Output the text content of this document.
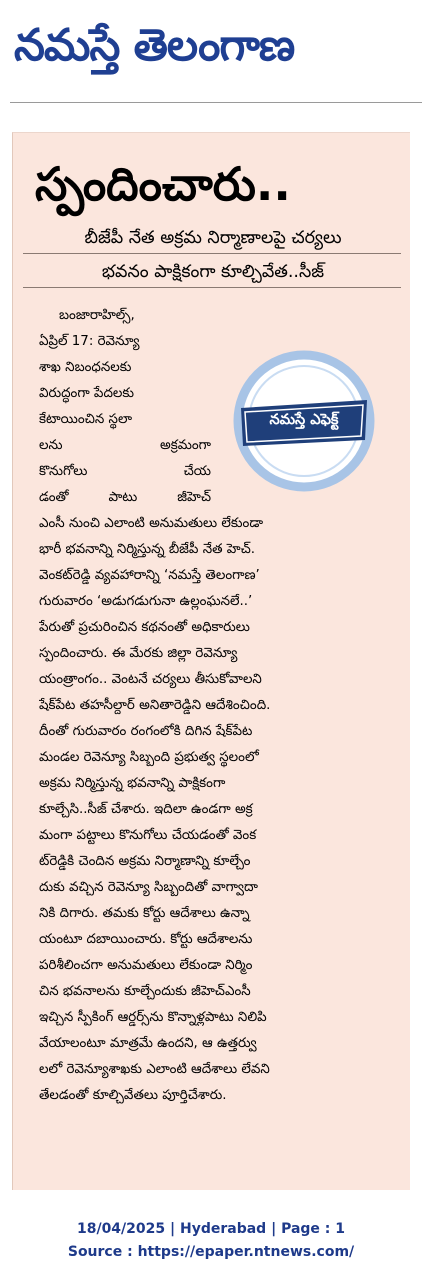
నమస్తే తెలంగాణ
స్పందించారు..
బీజేపీ నేత అక్రమ నిర్మాణాలపై చర్యలు
భవనం పాక్షికంగా కూల్చివేత..సీజ్
బంజారాహిల్స్,
ఏప్రిల్ 17: రెవెన్యూ
శాఖ నిబంధనలకు
విరుద్ధంగా పేదలకు
కేటాయించిన స్థలా
లను అక్రమంగా
కొనుగోలు చేయ
డంతో పాటు జీహెచ్
ఎంసీ నుంచి ఎలాంటి అనుమతులు లేకుండా
భారీ భవనాన్ని నిర్మిస్తున్న బీజేపీ నేత హెచ్.
వెంకట్‌రెడ్డి వ్యవహారాన్ని ‘నమస్తే తెలంగాణ’
గురువారం ‘అడుగడుగునా ఉల్లంఘనలే..’
పేరుతో ప్రచురించిన కథనంతో అధికారులు
స్పందించారు. ఈ మేరకు జిల్లా రెవెన్యూ
యంత్రాంగం.. వెంటనే చర్యలు తీసుకోవాలని
షేక్‌పేట తహసీల్దార్ అనితారెడ్డిని ఆదేశించింది.
దీంతో గురువారం రంగంలోకి దిగిన షేక్‌పేట
మండల రెవెన్యూ సిబ్బంది ప్రభుత్వ స్థలంలో
అక్రమ నిర్మిస్తున్న భవనాన్ని పాక్షికంగా
కూల్చేసి..సీజ్ చేశారు. ఇదిలా ఉండగా అక్ర
మంగా పట్టాలు కొనుగోలు చేయడంతో వెంక
ట్‌రెడ్డికి చెందిన అక్రమ నిర్మాణాన్ని కూల్చేం
దుకు వచ్చిన రెవెన్యూ సిబ్బందితో వాగ్వాదా
నికి దిగారు. తమకు కోర్టు ఆదేశాలు ఉన్నా
యంటూ దబాయించారు. కోర్టు ఆదేశాలను
పరిశీలించగా అనుమతులు లేకుండా నిర్మిం
చిన భవనాలను కూల్చేందుకు జీహెచ్‌ఎంసీ
ఇచ్చిన స్పీకింగ్ ఆర్డర్స్‌ను కొన్నాళ్లపాటు నిలిపి
వేయాలంటూ మాత్రమే ఉందని, ఆ ఉత్తర్వు
లలో రెవెన్యూశాఖకు ఎలాంటి ఆదేశాలు లేవని
తేలడంతో కూల్చివేతలు పూర్తిచేశారు.
నమస్తే ఎఫెక్ట్
18/04/2025 | Hyderabad | Page : 1
Source : https://epaper.ntnews.com/
